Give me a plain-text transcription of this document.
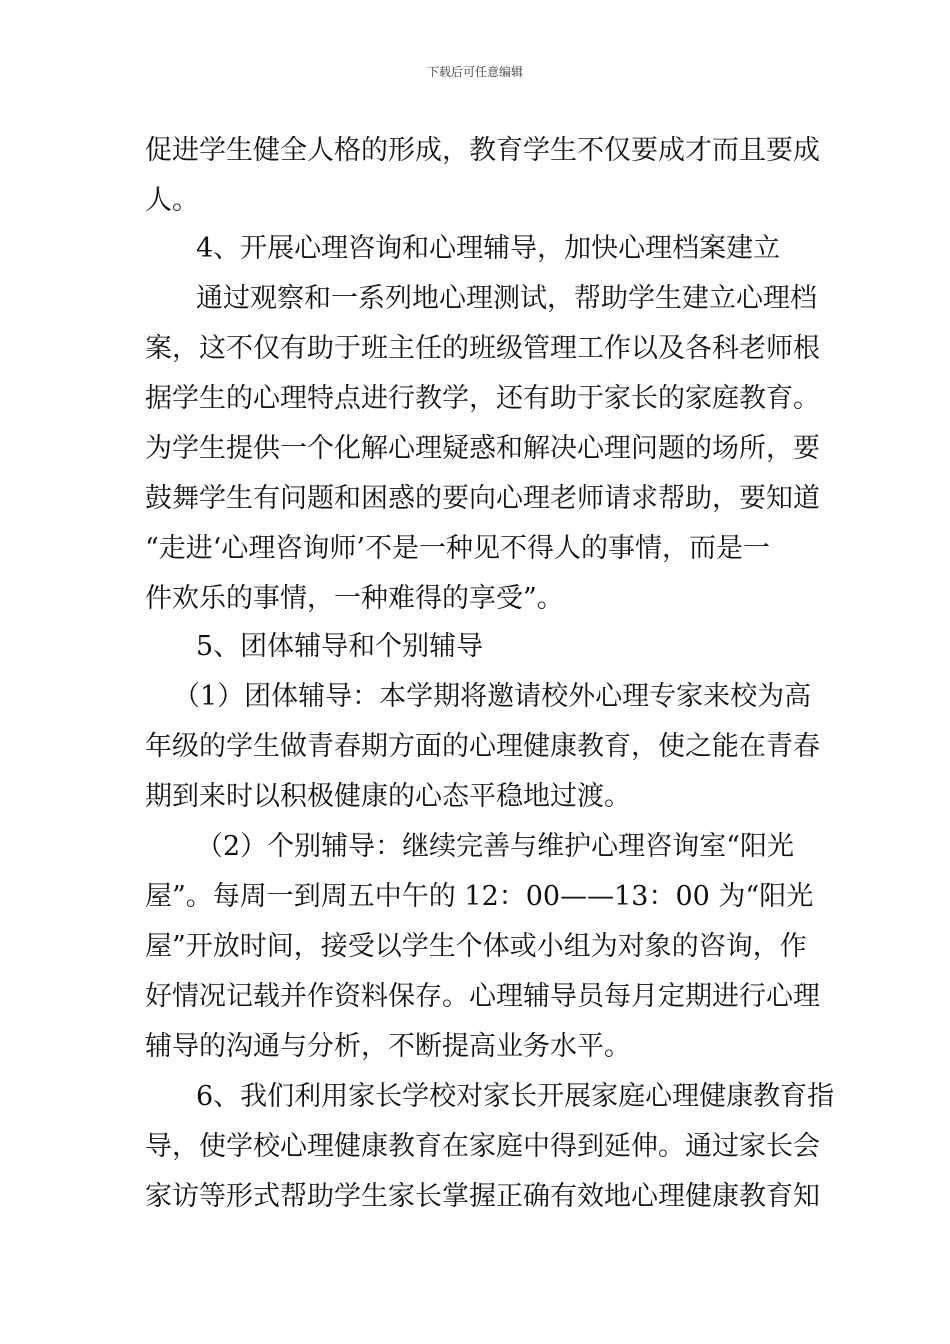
下载后可任意编辑
促进学生健全人格的形成，教育学生不仅要成才而且要成
人。
4、开展心理咨询和心理辅导，加快心理档案建立
通过观察和一系列地心理测试，帮助学生建立心理档
案，这不仅有助于班主任的班级管理工作以及各科老师根
据学生的心理特点进行教学，还有助于家长的家庭教育。
为学生提供一个化解心理疑惑和解决心理问题的场所，要
鼓舞学生有问题和困惑的要向心理老师请求帮助，要知道
“走进‘心理咨询师’不是一种见不得人的事情，而是一
件欢乐的事情，一种难得的享受”。
5、团体辅导和个别辅导
（1）团体辅导：本学期将邀请校外心理专家来校为高
年级的学生做青春期方面的心理健康教育，使之能在青春
期到来时以积极健康的心态平稳地过渡。
（2）个别辅导：继续完善与维护心理咨询室“阳光
屋”。每周一到周五中午的 12：00——13：00 为“阳光
屋”开放时间，接受以学生个体或小组为对象的咨询，作
好情况记载并作资料保存。心理辅导员每月定期进行心理
辅导的沟通与分析，不断提高业务水平。
6、我们利用家长学校对家长开展家庭心理健康教育指
导，使学校心理健康教育在家庭中得到延伸。通过家长会
家访等形式帮助学生家长掌握正确有效地心理健康教育知
